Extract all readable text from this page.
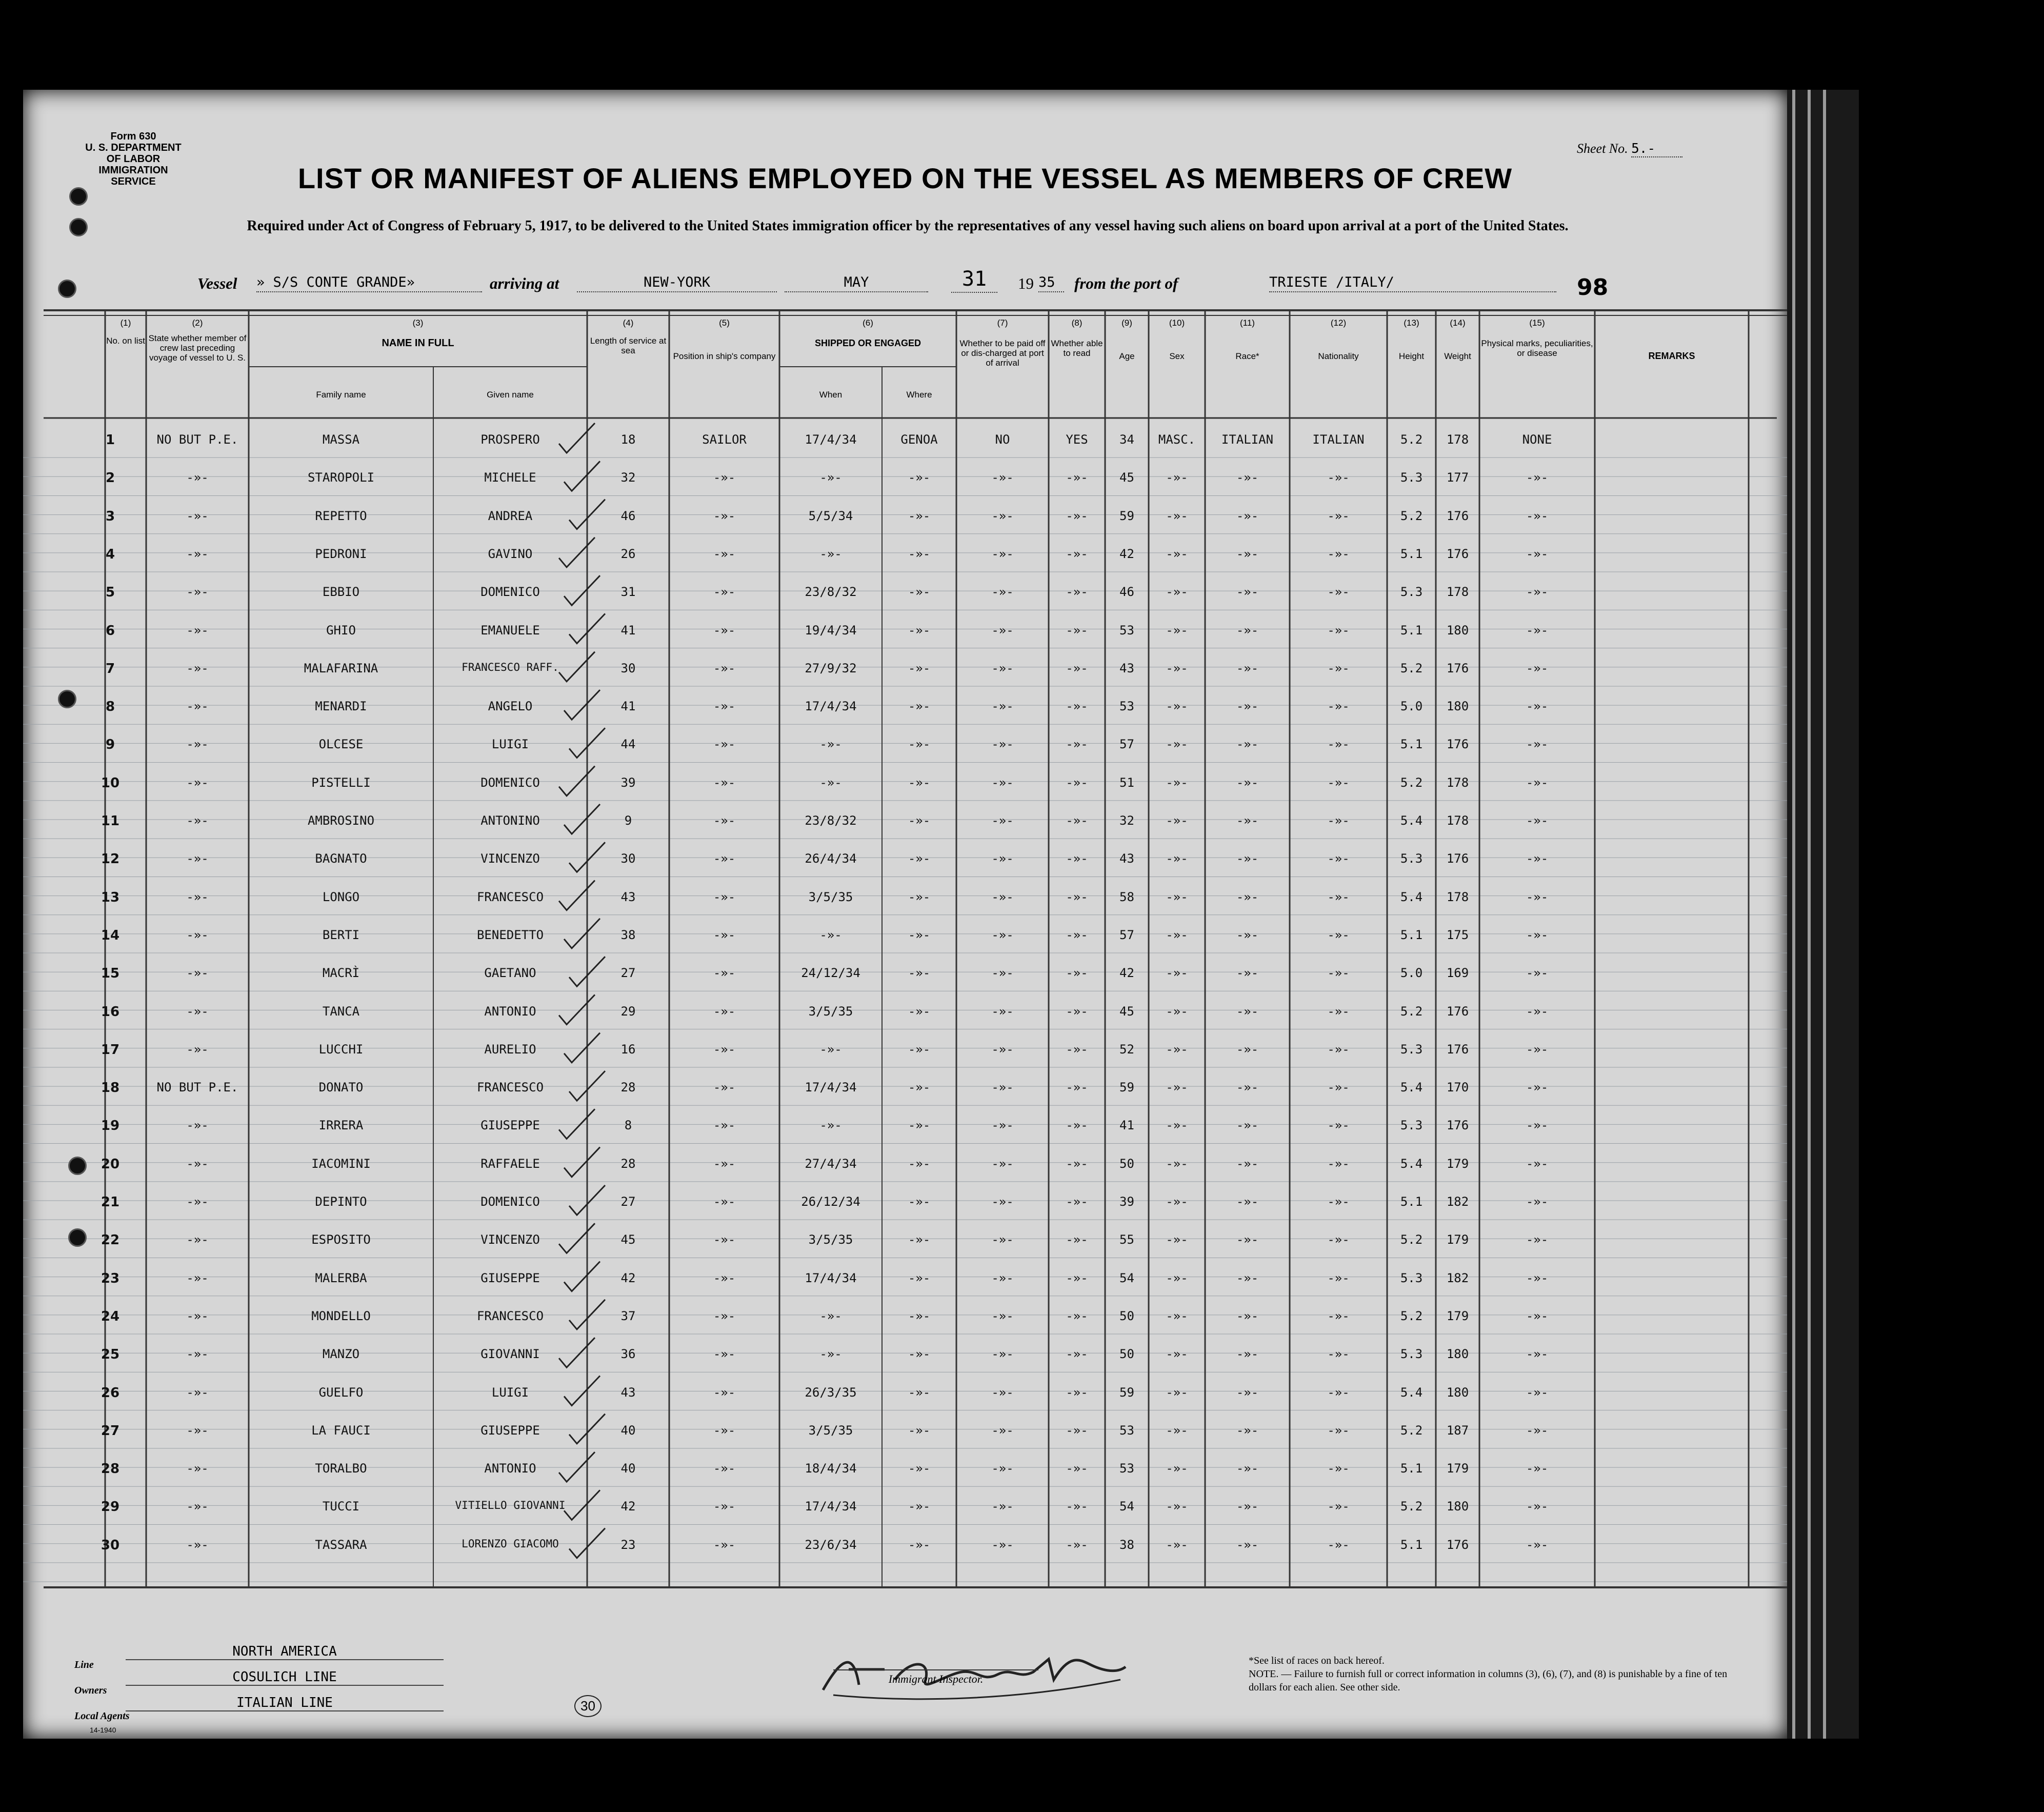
Form 630
U. S. DEPARTMENT OF LABOR
IMMIGRATION SERVICE
Sheet No. 5.-
LIST OR MANIFEST OF ALIENS EMPLOYED ON THE VESSEL AS MEMBERS OF CREW
Required under Act of Congress of February 5, 1917, to be delivered to the United States immigration officer by the representatives of any vessel having such aliens on board upon arrival at a port of the United States.
Vessel » S/S CONTE GRANDE»	arriving at	NEW-YORK	MAY	31	19 35	from the port of	TRIESTE /ITALY/	98
(1)
No. on list
(2)
State whether member of crew last preceding voyage of vessel to U. S.
(3)
NAME IN FULL
Family name	Given name
(4)
Length of service at sea
(5)
Position in ship's company
(6)
SHIPPED OR ENGAGED
When	Where
(7)
Whether to be paid off or dis-charged at port of arrival
(8)
Whether able to read
(9)
Age
(10)
Sex
(11)
Race*
(12)
Nationality
(13)
Height
(14)
Weight
(15)
Physical marks, peculiarities, or disease	REMARKS
1	NO BUT P.E.	MASSA	PROSPERO	18	SAILOR	17/4/34	GENOA	NO	YES	34	MASC.	ITALIAN	ITALIAN	5.2	178	NONE
2	-»-	STAROPOLI	MICHELE	32	-»-	-»-	-»-	-»-	-»-	45	-»-	-»-	-»-	5.3	177	-»-
3	-»-	REPETTO	ANDREA	46	-»-	5/5/34	-»-	-»-	-»-	59	-»-	-»-	-»-	5.2	176	-»-
4	-»-	PEDRONI	GAVINO	26	-»-	-»-	-»-	-»-	-»-	42	-»-	-»-	-»-	5.1	176	-»-
5	-»-	EBBIO	DOMENICO	31	-»-	23/8/32	-»-	-»-	-»-	46	-»-	-»-	-»-	5.3	178	-»-
6	-»-	GHIO	EMANUELE	41	-»-	19/4/34	-»-	-»-	-»-	53	-»-	-»-	-»-	5.1	180	-»-
7	-»-	MALAFARINA	FRANCESCO RAFF.	30	-»-	27/9/32	-»-	-»-	-»-	43	-»-	-»-	-»-	5.2	176	-»-
8	-»-	MENARDI	ANGELO	41	-»-	17/4/34	-»-	-»-	-»-	53	-»-	-»-	-»-	5.0	180	-»-
9	-»-	OLCESE	LUIGI	44	-»-	-»-	-»-	-»-	-»-	57	-»-	-»-	-»-	5.1	176	-»-
10	-»-	PISTELLI	DOMENICO	39	-»-	-»-	-»-	-»-	-»-	51	-»-	-»-	-»-	5.2	178	-»-
11	-»-	AMBROSINO	ANTONINO	9	-»-	23/8/32	-»-	-»-	-»-	32	-»-	-»-	-»-	5.4	178	-»-
12	-»-	BAGNATO	VINCENZO	30	-»-	26/4/34	-»-	-»-	-»-	43	-»-	-»-	-»-	5.3	176	-»-
13	-»-	LONGO	FRANCESCO	43	-»-	3/5/35	-»-	-»-	-»-	58	-»-	-»-	-»-	5.4	178	-»-
14	-»-	BERTI	BENEDETTO	38	-»-	-»-	-»-	-»-	-»-	57	-»-	-»-	-»-	5.1	175	-»-
15	-»-	MACRÌ	GAETANO	27	-»-	24/12/34	-»-	-»-	-»-	42	-»-	-»-	-»-	5.0	169	-»-
16	-»-	TANCA	ANTONIO	29	-»-	3/5/35	-»-	-»-	-»-	45	-»-	-»-	-»-	5.2	176	-»-
17	-»-	LUCCHI	AURELIO	16	-»-	-»-	-»-	-»-	-»-	52	-»-	-»-	-»-	5.3	176	-»-
18	NO BUT P.E.	DONATO	FRANCESCO	28	-»-	17/4/34	-»-	-»-	-»-	59	-»-	-»-	-»-	5.4	170	-»-
19	-»-	IRRERA	GIUSEPPE	8	-»-	-»-	-»-	-»-	-»-	41	-»-	-»-	-»-	5.3	176	-»-
20	-»-	IACOMINI	RAFFAELE	28	-»-	27/4/34	-»-	-»-	-»-	50	-»-	-»-	-»-	5.4	179	-»-
21	-»-	DEPINTO	DOMENICO	27	-»-	26/12/34	-»-	-»-	-»-	39	-»-	-»-	-»-	5.1	182	-»-
22	-»-	ESPOSITO	VINCENZO	45	-»-	3/5/35	-»-	-»-	-»-	55	-»-	-»-	-»-	5.2	179	-»-
23	-»-	MALERBA	GIUSEPPE	42	-»-	17/4/34	-»-	-»-	-»-	54	-»-	-»-	-»-	5.3	182	-»-
24	-»-	MONDELLO	FRANCESCO	37	-»-	-»-	-»-	-»-	-»-	50	-»-	-»-	-»-	5.2	179	-»-
25	-»-	MANZO	GIOVANNI	36	-»-	-»-	-»-	-»-	-»-	50	-»-	-»-	-»-	5.3	180	-»-
26	-»-	GUELFO	LUIGI	43	-»-	26/3/35	-»-	-»-	-»-	59	-»-	-»-	-»-	5.4	180	-»-
27	-»-	LA FAUCI	GIUSEPPE	40	-»-	3/5/35	-»-	-»-	-»-	53	-»-	-»-	-»-	5.2	187	-»-
28	-»-	TORALBO	ANTONIO	40	-»-	18/4/34	-»-	-»-	-»-	53	-»-	-»-	-»-	5.1	179	-»-
29	-»-	TUCCI	VITIELLO GIOVANNI	42	-»-	17/4/34	-»-	-»-	-»-	54	-»-	-»-	-»-	5.2	180	-»-
30	-»-	TASSARA	LORENZO GIACOMO	23	-»-	23/6/34	-»-	-»-	-»-	38	-»-	-»-	-»-	5.1	176	-»-
Line
NORTH AMERICA
Owners
COSULICH LINE
Local Agents
ITALIAN LINE
14-1940
30
Immigrant Inspector.
*See list of races on back hereof.
NOTE. — Failure to furnish full or correct information in columns (3), (6), (7), and (8) is punishable by a fine of ten dollars for each alien. See other side.
